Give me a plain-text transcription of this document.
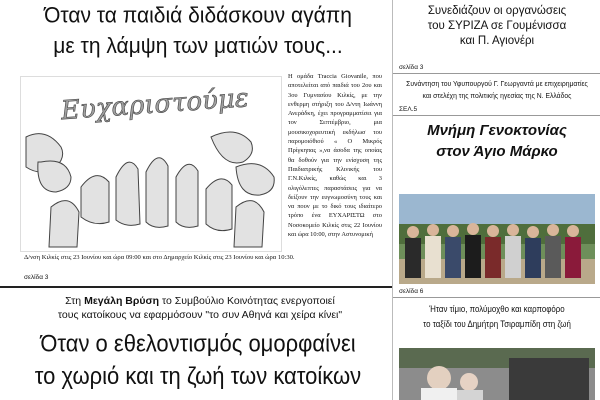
Όταν τα παιδιά διδάσκουν αγάπη
με τη λάμψη των ματιών τους...
Ευχαριστούμε
Η ομάδα Traccia Giovanile, που αποτελείται από παιδιά του 2ου και 3ου Γυμνασίου Κιλκίς, με την ενθερμη στήριξη του Δ/ντη Ιωάννη Ανεράδκη, έχει προγραμματίσει για τον Σεπτέμβριο, μια μουσικοχορευτική εκδήλωσ του παρομοιόθιού « Ο Μικρός Πρίγκηπας »,να άσοδα της οποίας θα δοθούν για την ενίσχυση της Παιδιατρικής Κλινικής του Γ.Ν.Κιλκίς, καθώς και 3 ολιγόλεπτες παραστάσεις για να δείξουν την ευγνωμοσύνη τους και να πουν με το δικό τους ιδιαίτερο τρόπο ένα ΕΥΧΑΡΙΣΤΩ στο Νοσοκομείο Κιλκίς στις 22 Ιουνίου και ώρα 10:00, στην Αστυνομική
Δ/νση Κιλκίς στις 23 Ιουνίου και ώρα 09:00 και στο Δημαρχείο Κιλκίς στις 23 Ιουνίου και ώρα 10:30.
σελίδα 3
Στη Μεγάλη Βρύση το Συμβούλιο Κοινότητας ενεργοποιεί
τους κατοίκους να εφαρμόσουν "το συν Αθηνά και χείρα κίνει"
Όταν ο εθελοντισμός ομορφαίνει
το χωριό και τη ζωή των κατοίκων
Συνεδιάζουν οι οργανώσεις
του ΣΥΡΙΖΑ σε Γουμένισσα
και Π. Αγιονέρι
σελίδα 3
Συνάντηση του Υφυπουργού Γ. Γεωργαντά με επιχειρηματίες
και στελέχη της πολιτικής ηγεσίας της Ν. Ελλάδος
ΣΕΛ.5
Μνήμη Γενοκτονίας
στον Άγιο Μάρκο
σελίδα 6
Ήταν τίμιο, πολύμοχθο και καρποφόρο
το ταξίδι του Δημήτρη Τσιραμπίδη στη ζωή
